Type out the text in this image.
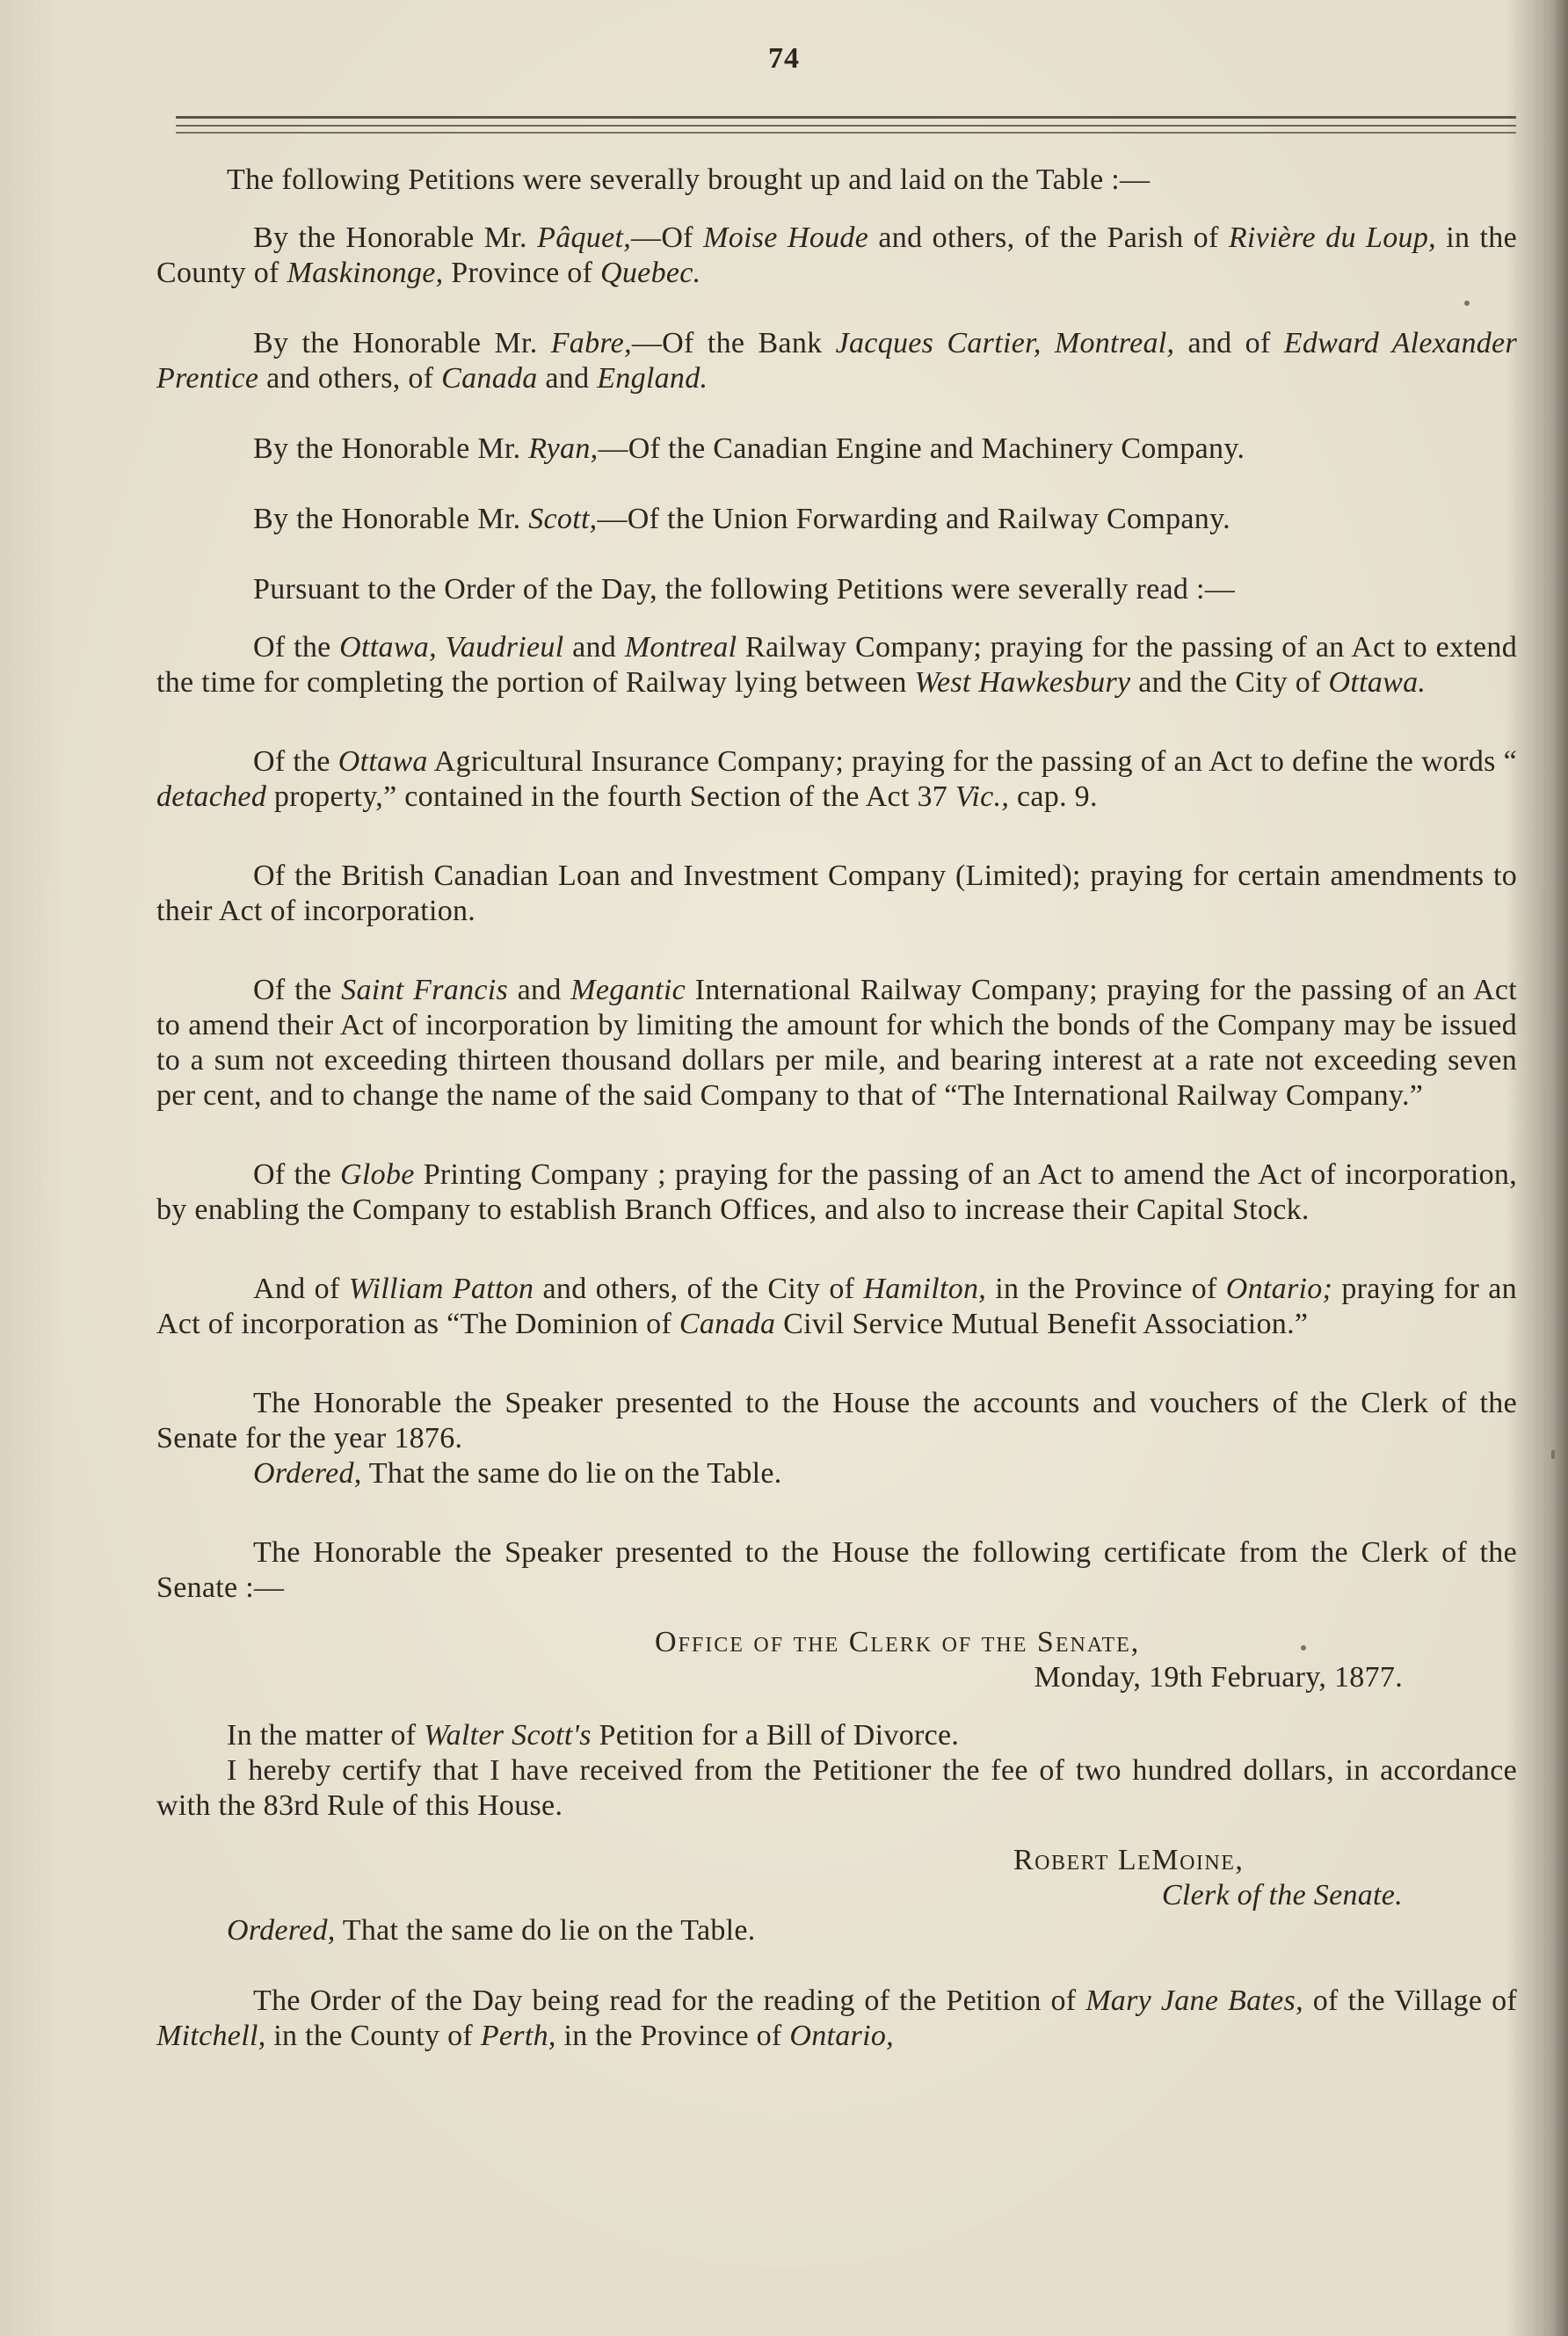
74

The following Petitions were severally brought up and laid on the Table :—

By the Honorable Mr. Pâquet,—Of Moise Houde and others, of the Parish of Rivière du Loup, in the County of Maskinonge, Province of Quebec.

By the Honorable Mr. Fabre,—Of the Bank Jacques Cartier, Montreal, and of Edward Alexander Prentice and others, of Canada and England.

By the Honorable Mr. Ryan,—Of the Canadian Engine and Machinery Company.

By the Honorable Mr. Scott,—Of the Union Forwarding and Railway Company.

Pursuant to the Order of the Day, the following Petitions were severally read :—

Of the Ottawa, Vaudrieul and Montreal Railway Company; praying for the passing of an Act to extend the time for completing the portion of Railway lying between West Hawkesbury and the City of Ottawa.

Of the Ottawa Agricultural Insurance Company; praying for the passing of an Act to define the words “ detached property,” contained in the fourth Section of the Act 37 Vic., cap. 9.

Of the British Canadian Loan and Investment Company (Limited); praying for certain amendments to their Act of incorporation.

Of the Saint Francis and Megantic International Railway Company; praying for the passing of an Act to amend their Act of incorporation by limiting the amount for which the bonds of the Company may be issued to a sum not exceeding thirteen thousand dollars per mile, and bearing interest at a rate not exceeding seven per cent, and to change the name of the said Company to that of “The International Railway Company.”

Of the Globe Printing Company ; praying for the passing of an Act to amend the Act of incorporation, by enabling the Company to establish Branch Offices, and also to increase their Capital Stock.

And of William Patton and others, of the City of Hamilton, in the Province of Ontario; praying for an Act of incorporation as “The Dominion of Canada Civil Service Mutual Benefit Association.”

The Honorable the Speaker presented to the House the accounts and vouchers of the Clerk of the Senate for the year 1876.

Ordered, That the same do lie on the Table.

The Honorable the Speaker presented to the House the following certificate from the Clerk of the Senate :—

Office of the Clerk of the Senate,

Monday, 19th February, 1877.

In the matter of Walter Scott's Petition for a Bill of Divorce.

I hereby certify that I have received from the Petitioner the fee of two hundred dollars, in accordance with the 83rd Rule of this House.

Robert LeMoine,

Clerk of the Senate.

Ordered, That the same do lie on the Table.

The Order of the Day being read for the reading of the Petition of Mary Jane Bates, of the Village of Mitchell, in the County of Perth, in the Province of Ontario,
